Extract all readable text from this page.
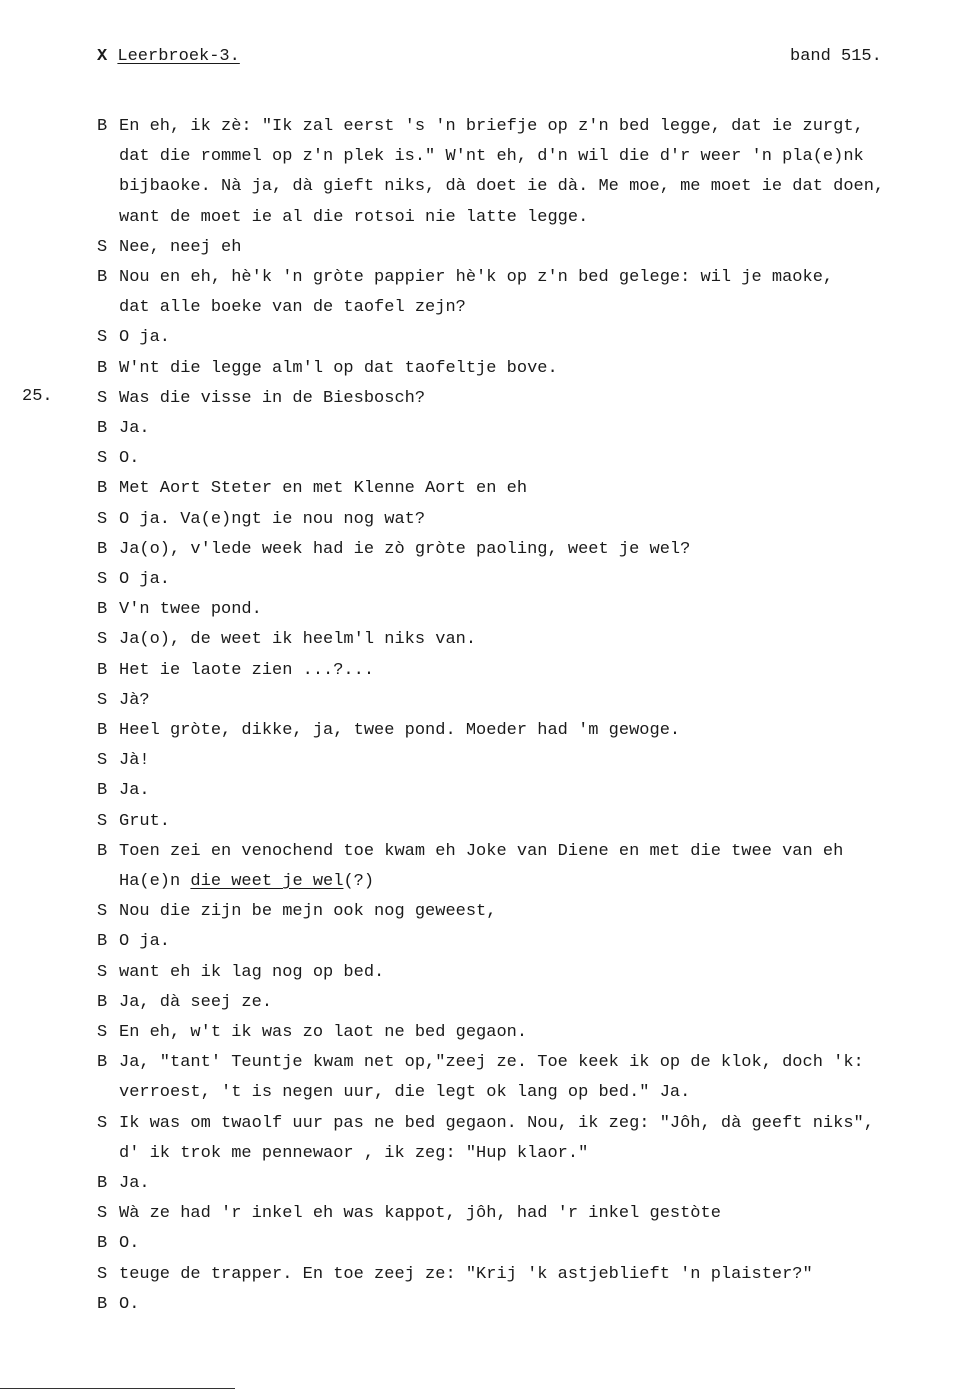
X Leerbroek-3.	band 515.
25.
B En eh, ik zè: "Ik zal eerst 's 'n briefje op z'n bed legge, dat ie zurgt,
dat die rommel op z'n plek is." W'nt eh, d'n wil die d'r weer 'n pla(e)nk
bijbaoke. Nà ja, dà gieft niks, dà doet ie dà. Me moe, me moet ie dat doen,
want de moet ie al die rotsoi nie latte legge.
S Nee, neej eh
B Nou en eh, hè'k 'n gròte pappier hè'k op z'n bed gelege: wil je maoke,
dat alle boeke van de taofel zejn?
S O ja.
B W'nt die legge alm'l op dat taofeltje bove.
S Was die visse in de Biesbosch?
B Ja.
S O.
B Met Aort Steter en met Klenne Aort en eh
S O ja. Va(e)ngt ie nou nog wat?
B Ja(o), v'lede week had ie zò gròte paoling, weet je wel?
S O ja.
B V'n twee pond.
S Ja(o), de weet ik heelm'l niks van.
B Het ie laote zien ...?...
S Jà?
B Heel gròte, dikke, ja, twee pond. Moeder had 'm gewoge.
S Jà!
B Ja.
S Grut.
B Toen zei en venochend toe kwam eh Joke van Diene en met die twee van eh
Ha(e)n die weet je wel(?)
S Nou die zijn be mejn ook nog geweest,
B O ja.
S want eh ik lag nog op bed.
B Ja, dà seej ze.
S En eh, w't ik was zo laot ne bed gegaon.
B Ja, "tant' Teuntje kwam net op,"zeej ze. Toe keek ik op de klok, doch 'k:
verroest, 't is negen uur, die legt ok lang op bed." Ja.
S Ik was om twaolf uur pas ne bed gegaon. Nou, ik zeg: "Jôh, dà geeft niks",
d' ik trok me pennewaor , ik zeg: "Hup klaor."
B Ja.
S Wà ze had 'r inkel eh was kappot, jôh, had 'r inkel gestòte
B O.
S teuge de trapper. En toe zeej ze: "Krij 'k astjeblieft 'n plaister?"
B O.
